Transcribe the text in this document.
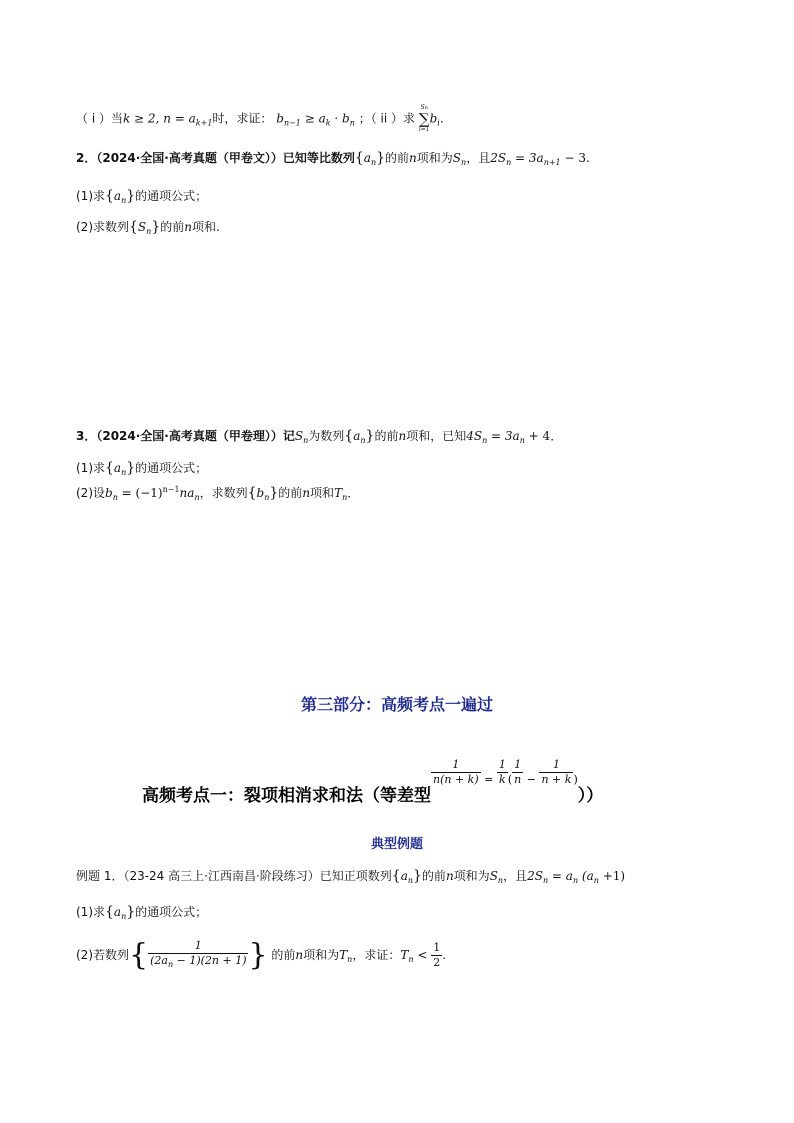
（ i ）当k ≥ 2, $n = a_{k+1}$时，求证： $b_{n-1} \ge a_k \cdot b_n$ ；（ ii ）求
Sn
∑
i=1
$b_i$.
2．（2024·全国·高考真题（甲卷文））已知等比数列$\{a_n\}$的前n项和为$S_n$，且$2S_n = 3a_{n+1} - 3$.
(1)求$\{a_n\}$的通项公式；
(2)求数列$\{S_n\}$的前n项和.
3．（2024·全国·高考真题（甲卷理））记$S_n$为数列$\{a_n\}$的前n项和，已知$4S_n = 3a_n + 4$．
(1)求$\{a_n\}$的通项公式；
(2)设$b_n = (-1)^{n-1}na_n$，求数列$\{b_n\}$的前n项和$T_n$．
第三部分：高频考点一遍过
高频考点一：裂项相消求和法（等差型
$\frac{1}{n(n + k)} ^= \frac{1}{k} ^( \frac{1}{n} ^- \frac{1}{n + k} ^)$））
典型例题
例题 1．（23-24 高三上·江西南昌·阶段练习）已知正项数列$\{a_n\}$的前n项和为$S_n$，且$2S_n = a_n$ $(a_n +1)$
(1)求$\{a_n\}$的通项公式；
(2)若数列{ $\frac{1}{(2a_n - 1)(2n + 1)}$ } 的前n项和为$T_n$，求证：$T_n < \frac{1}{2}$ .
